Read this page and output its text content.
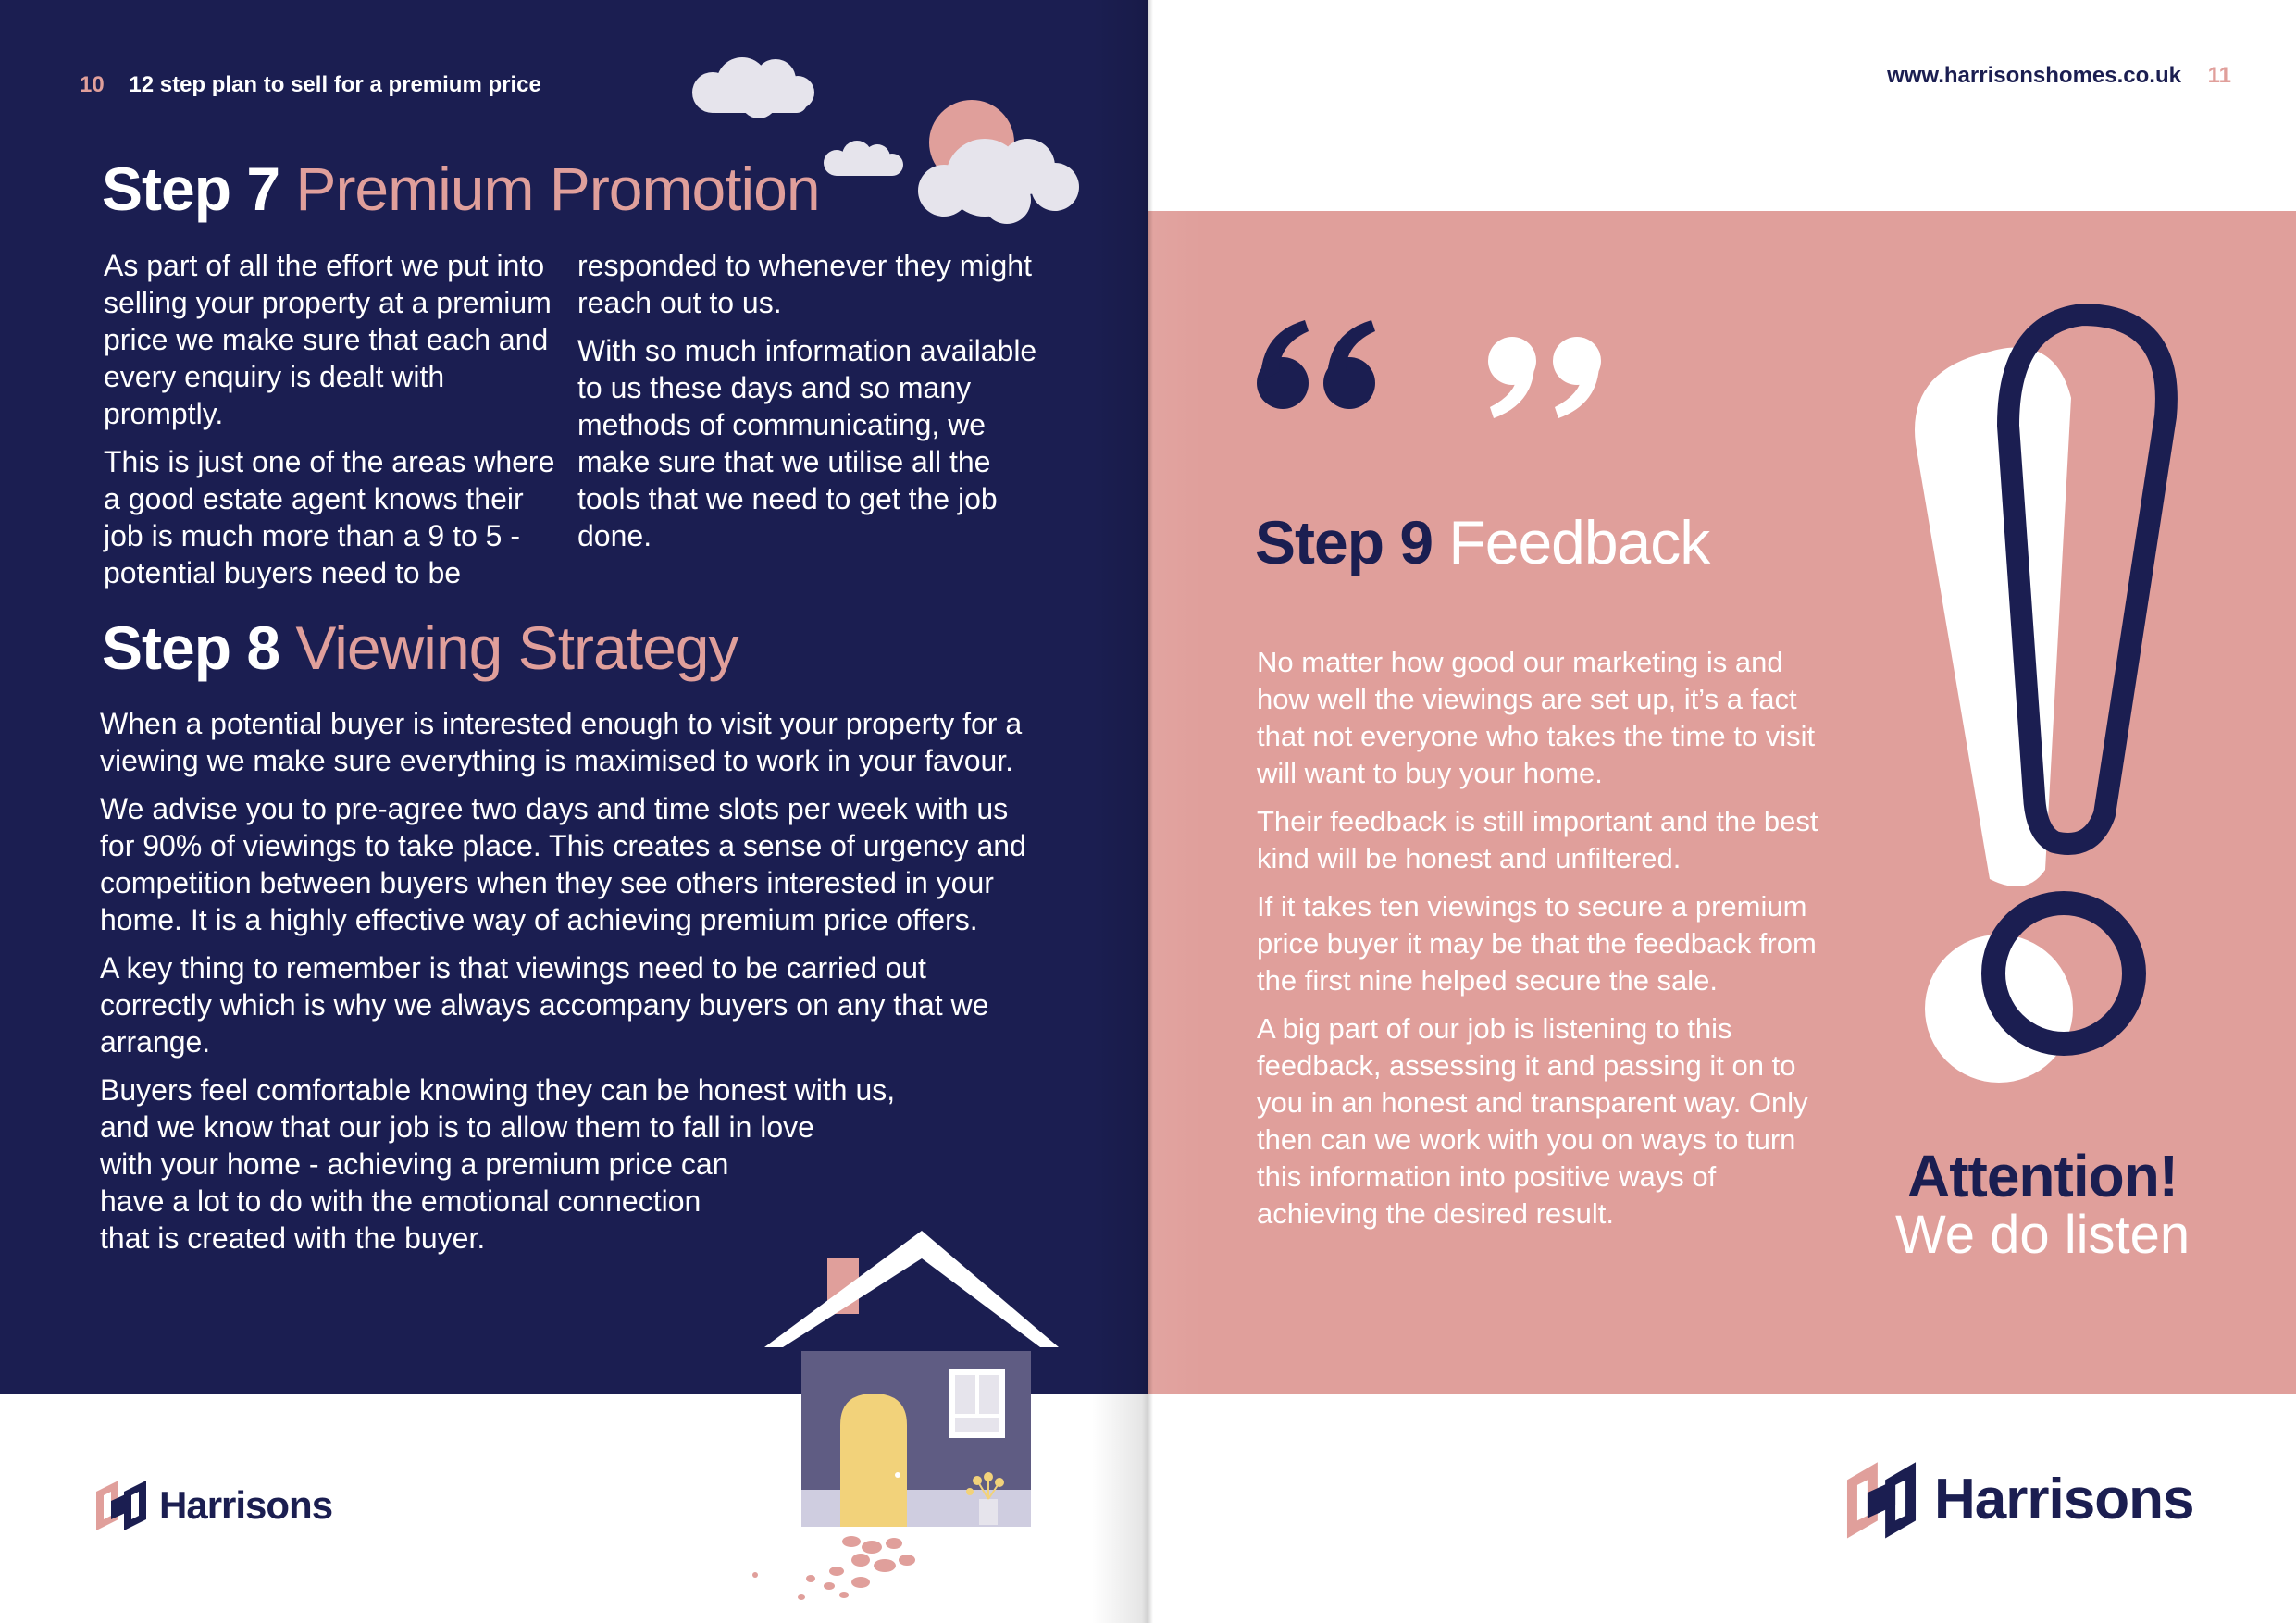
10 12 step plan to sell for a premium price
Step 7 Premium Promotion

As part of all the effort we put into selling your property at a premium price we make sure that each and every enquiry is dealt with promptly.

This is just one of the areas where a good estate agent knows their job is much more than a 9 to 5 - potential buyers need to be

responded to whenever they might reach out to us.

With so much information available to us these days and so many methods of communicating, we make sure that we utilise all the tools that we need to get the job done.

Step 8 Viewing Strategy

When a potential buyer is interested enough to visit your property for a viewing we make sure everything is maximised to work in your favour.

We advise you to pre-agree two days and time slots per week with us for 90% of viewings to take place. This creates a sense of urgency and competition between buyers when they see others interested in your home. It is a highly effective way of achieving premium price offers.

A key thing to remember is that viewings need to be carried out correctly which is why we always accompany buyers on any that we arrange.

Buyers feel comfortable knowing they can be honest with us,
and we know that our job is to allow them to fall in love
with your home - achieving a premium price can
have a lot to do with the emotional connection
that is created with the buyer.

Harrisons
www.harrisonshomes.co.uk 11
Step 9 Feedback

No matter how good our marketing is and how well the viewings are set up, it’s a fact that not everyone who takes the time to visit will want to buy your home.

Their feedback is still important and the best kind will be honest and unfiltered.

If it takes ten viewings to secure a premium price buyer it may be that the feedback from the first nine helped secure the sale.

A big part of our job is listening to this feedback, assessing it and passing it on to you in an honest and transparent way. Only then can we work with you on ways to turn this information into positive ways of achieving the desired result.

Attention!
We do listen
Harrisons
